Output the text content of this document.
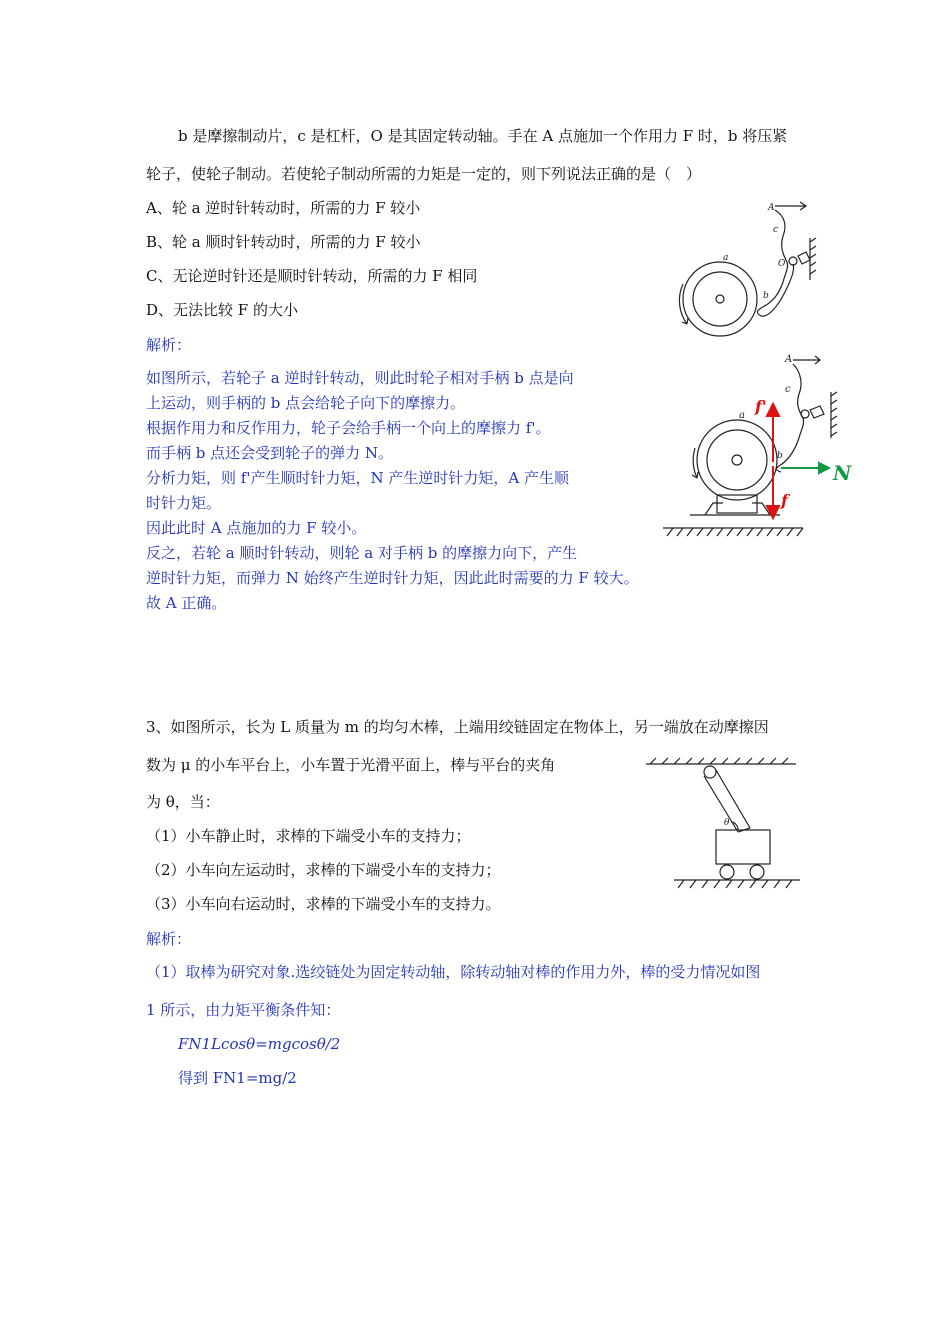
b 是摩擦制动片，c 是杠杆，O 是其固定转动轴。手在 A 点施加一个作用力 F 时，b 将压紧
轮子，使轮子制动。若使轮子制动所需的力矩是一定的，则下列说法正确的是（　）
A、轮 a 逆时针转动时，所需的力 F 较小
B、轮 a 顺时针转动时，所需的力 F 较小
C、无论逆时针还是顺时针转动，所需的力 F 相同
D、无法比较 F 的大小
解析：
如图所示，若轮子 a 逆时针转动，则此时轮子相对手柄 b 点是向
上运动，则手柄的 b 点会给轮子向下的摩擦力。
根据作用力和反作用力，轮子会给手柄一个向上的摩擦力 f'。
而手柄 b 点还会受到轮子的弹力 N。
分析力矩，则 f'产生顺时针力矩，N 产生逆时针力矩，A 产生顺
时针力矩。
因此此时 A 点施加的力 F 较小。
反之，若轮 a 顺时针转动，则轮 a 对手柄 b 的摩擦力向下，产生
逆时针力矩，而弹力 N 始终产生逆时针力矩，因此此时需要的力 F 较大。
故 A 正确。
A
c
a
O
b
A
c
a
b
f'
f
N
3、如图所示，长为 L 质量为 m 的均匀木棒，上端用绞链固定在物体上，另一端放在动摩擦因
数为 μ 的小车平台上，小车置于光滑平面上，棒与平台的夹角
为 θ，当：
（1）小车静止时，求棒的下端受小车的支持力；
（2）小车向左运动时，求棒的下端受小车的支持力；
（3）小车向右运动时，求棒的下端受小车的支持力。
解析：
（1）取棒为研究对象.选绞链处为固定转动轴，除转动轴对棒的作用力外，棒的受力情况如图
1 所示，由力矩平衡条件知：
FN1Lcosθ=mgcosθ/2
得到 FN1=mg/2
θ
